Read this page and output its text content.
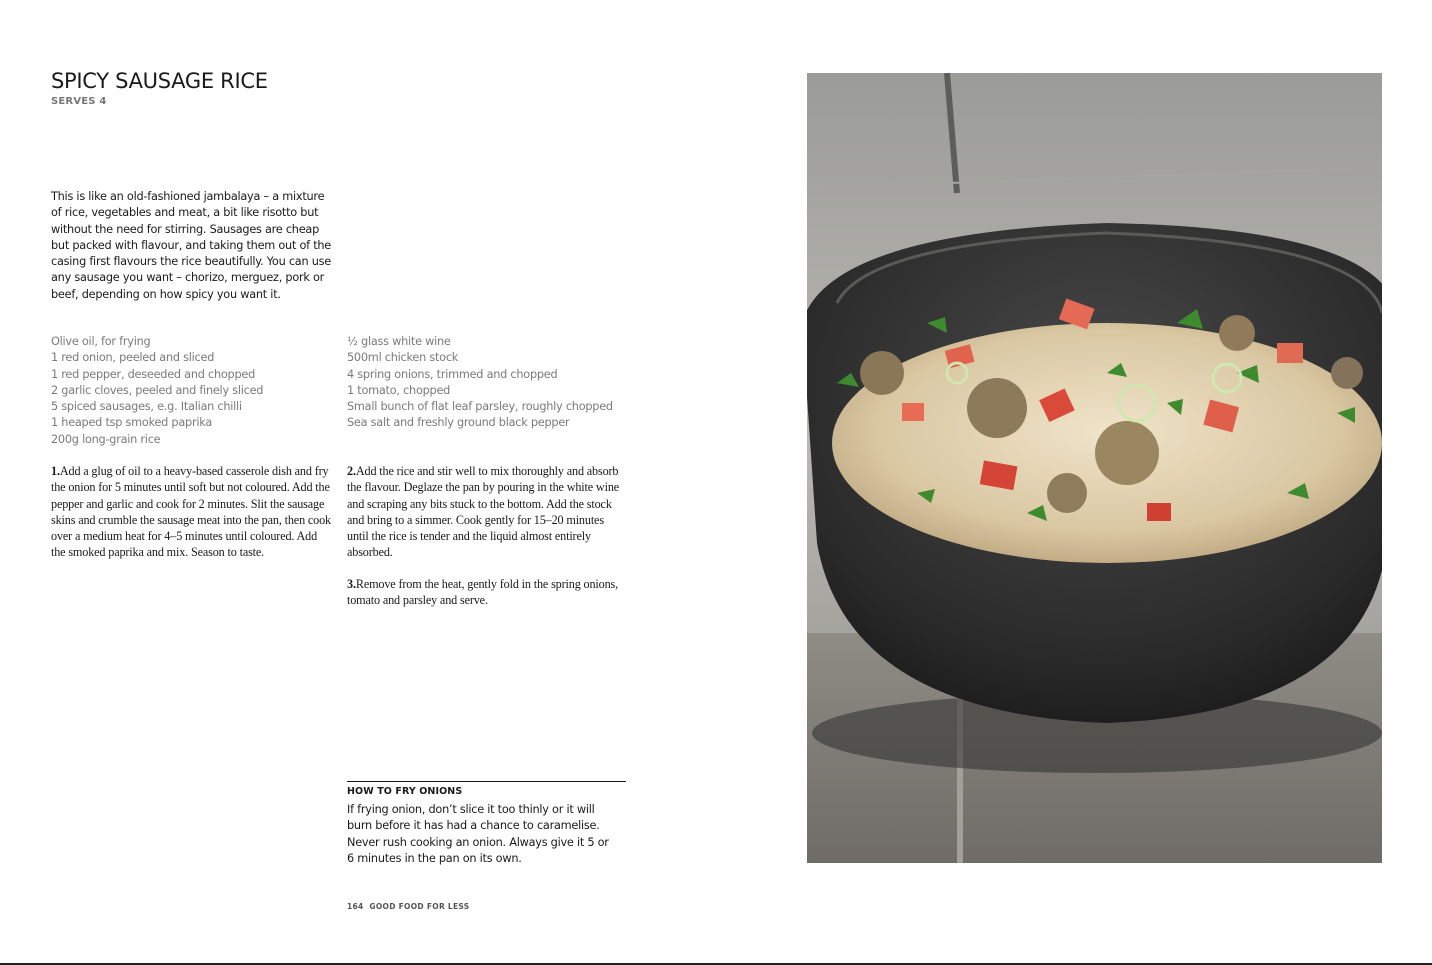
SPICY SAUSAGE RICE
SERVES 4

This is like an old-fashioned jambalaya – a mixture of rice, vegetables and meat, a bit like risotto but without the need for stirring. Sausages are cheap but packed with flavour, and taking them out of the casing first flavours the rice beautifully. You can use any sausage you want – chorizo, merguez, pork or beef, depending on how spicy you want it.

Olive oil, for frying
1 red onion, peeled and sliced
1 red pepper, deseeded and chopped
2 garlic cloves, peeled and finely sliced
5 spiced sausages, e.g. Italian chilli
1 heaped tsp smoked paprika
200g long-grain rice
½ glass white wine
500ml chicken stock
4 spring onions, trimmed and chopped
1 tomato, chopped
Small bunch of flat leaf parsley, roughly chopped
Sea salt and freshly ground black pepper

1.Add a glug of oil to a heavy-based casserole dish and fry the onion for 5 minutes until soft but not coloured. Add the pepper and garlic and cook for 2 minutes. Slit the sausage skins and crumble the sausage meat into the pan, then cook over a medium heat for 4–5 minutes until coloured. Add the smoked paprika and mix. Season to taste.

2.Add the rice and stir well to mix thoroughly and absorb the flavour. Deglaze the pan by pouring in the white wine and scraping any bits stuck to the bottom. Add the stock and bring to a simmer. Cook gently for 15–20 minutes until the rice is tender and the liquid almost entirely absorbed.

3.Remove from the heat, gently fold in the spring onions, tomato and parsley and serve.

HOW TO FRY ONIONS

If frying onion, don’t slice it too thinly or it will burn before it has had a chance to caramelise. Never rush cooking an onion. Always give it 5 or 6 minutes in the pan on its own.

164 GOOD FOOD FOR LESS
